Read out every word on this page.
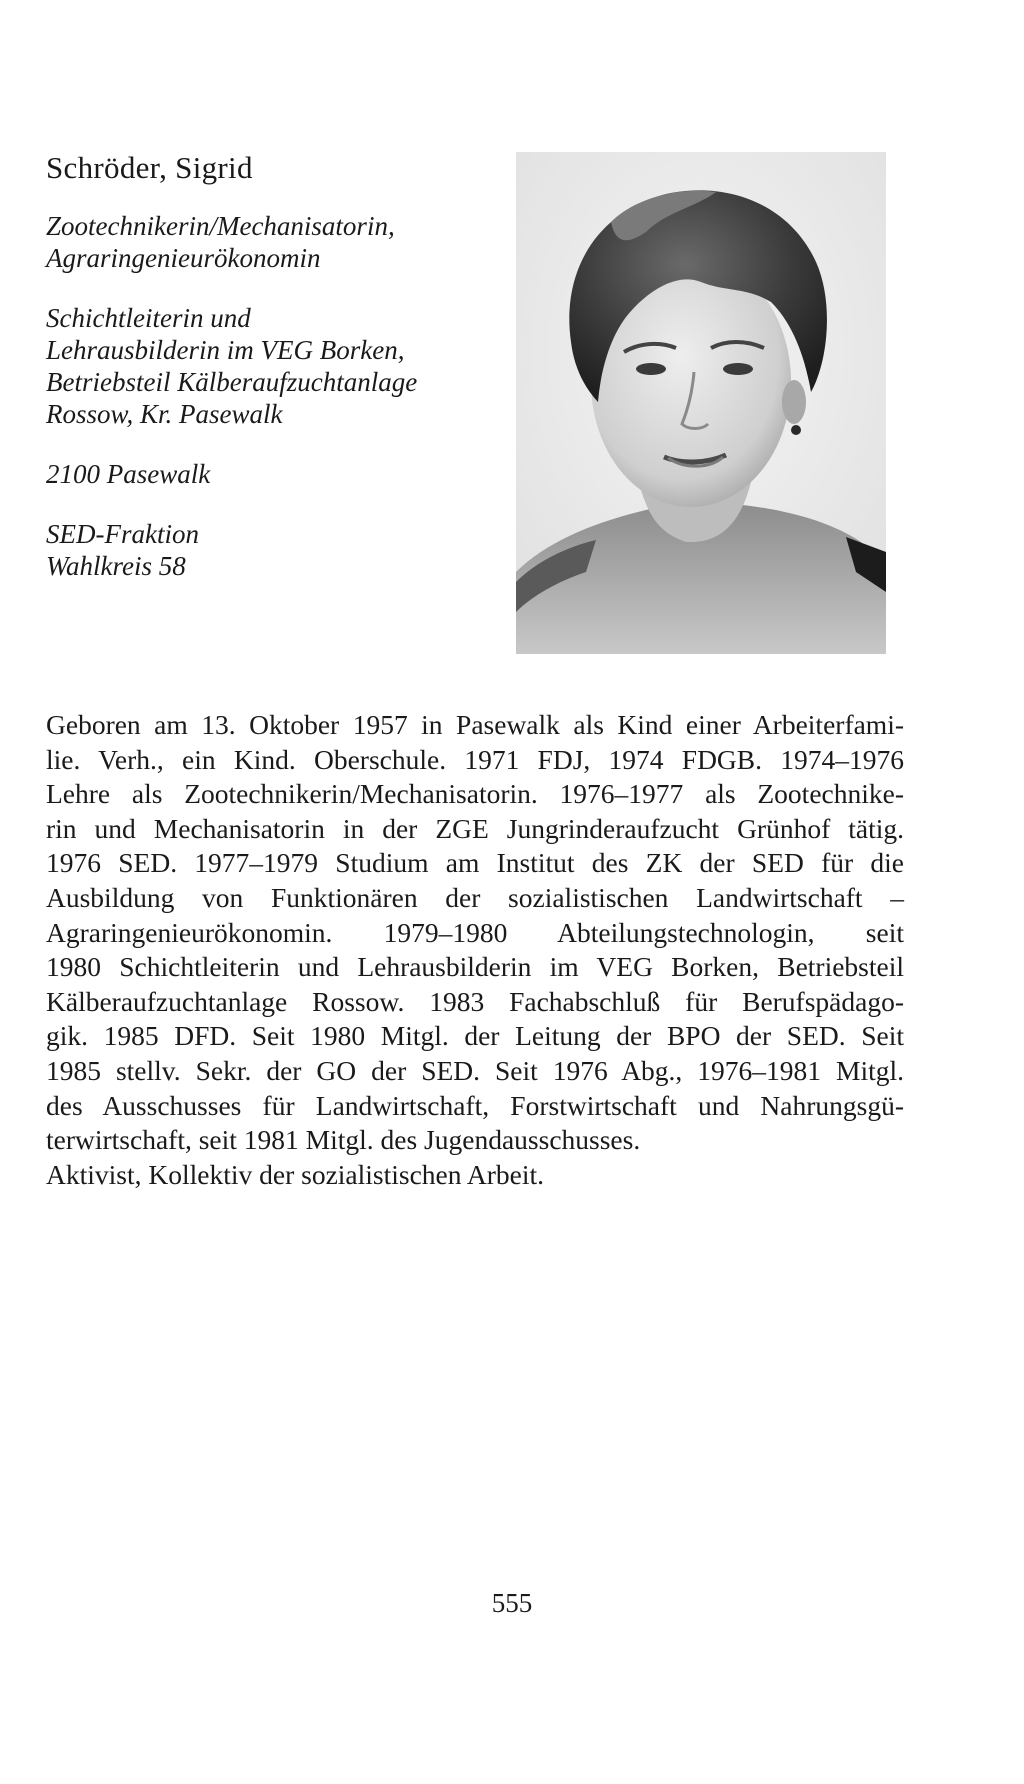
Schröder, Sigrid
Zootechnikerin/Mechanisatorin,
Agraringenieurökonomin
Schichtleiterin und
Lehrausbilderin im VEG Borken,
Betriebsteil Kälberaufzuchtanlage
Rossow, Kr. Pasewalk
2100 Pasewalk
SED-Fraktion
Wahlkreis 58
Geboren am 13. Oktober 1957 in Pasewalk als Kind einer Arbeiterfami-
lie. Verh., ein Kind. Oberschule. 1971 FDJ, 1974 FDGB. 1974–1976
Lehre als Zootechnikerin/Mechanisatorin. 1976–1977 als Zootechnike-
rin und Mechanisatorin in der ZGE Jungrinderaufzucht Grünhof tätig.
1976 SED. 1977–1979 Studium am Institut des ZK der SED für die
Ausbildung von Funktionären der sozialistischen Landwirtschaft –
Agraringenieurökonomin. 1979–1980 Abteilungstechnologin, seit
1980 Schichtleiterin und Lehrausbilderin im VEG Borken, Betriebsteil
Kälberaufzuchtanlage Rossow. 1983 Fachabschluß für Berufspädago-
gik. 1985 DFD. Seit 1980 Mitgl. der Leitung der BPO der SED. Seit
1985 stellv. Sekr. der GO der SED. Seit 1976 Abg., 1976–1981 Mitgl.
des Ausschusses für Landwirtschaft, Forstwirtschaft und Nahrungsgü-
terwirtschaft, seit 1981 Mitgl. des Jugendausschusses.
Aktivist, Kollektiv der sozialistischen Arbeit.
555
